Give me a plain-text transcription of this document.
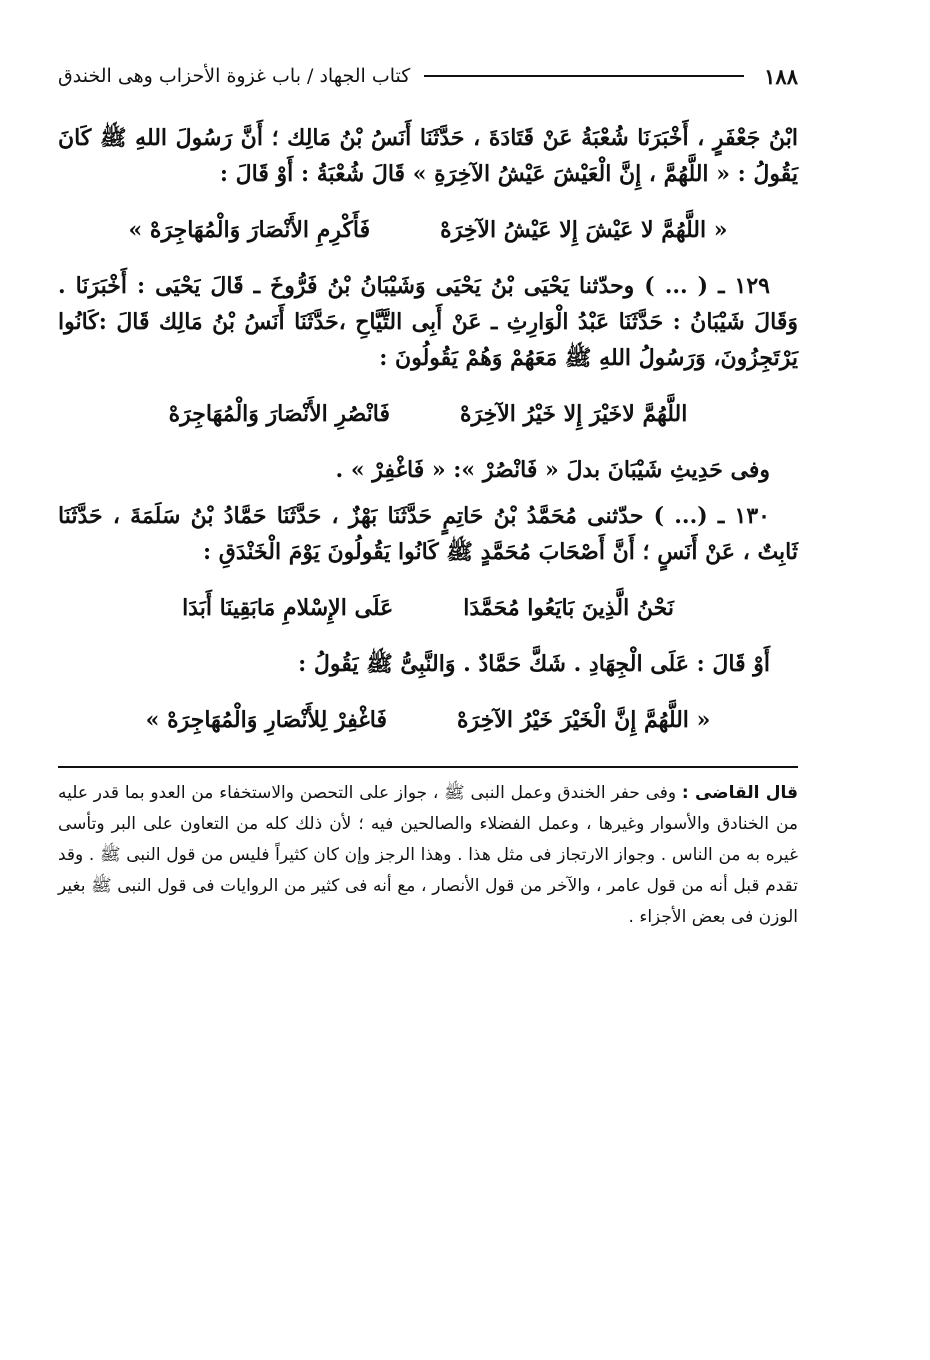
١٨٨
كتاب الجهاد / باب غزوة الأحزاب وهى الخندق

ابْنُ جَعْفَرٍ ، أَخْبَرَنَا شُعْبَةُ عَنْ قَتَادَةَ ، حَدَّثَنَا أَنَسُ بْنُ مَالِك ؛ أَنَّ رَسُولَ اللهِ ﷺ كَانَ يَقُولُ : « اللَّهُمَّ ، إِنَّ الْعَيْشَ عَيْشُ الآخِرَةِ » قَالَ شُعْبَةُ : أَوْ قَالَ :

« اللَّهُمَّ لا عَيْشَ إِلا عَيْشُ الآخِرَهْ
فَأَكْرِمِ الأَنْصَارَ وَالْمُهَاجِرَهْ »

١٢٩ ـ ( ... ) وحدّثنا يَحْيَى بْنُ يَحْيَى وَشَيْبَانُ بْنُ فَرُّوخَ ـ قَالَ يَحْيَى : أَخْبَرَنَا . وَقَالَ شَيْبَانُ : حَدَّثَنَا عَبْدُ الْوَارِثِ ـ عَنْ أَبِى التَّيَّاحِ ،حَدَّثَنَا أَنَسُ بْنُ مَالِك قَالَ :كَانُوا يَرْتَجِزُونَ، وَرَسُولُ اللهِ ﷺ مَعَهُمْ وَهُمْ يَقُولُونَ :

اللَّهُمَّ لاخَيْرَ إِلا خَيْرُ الآخِرَهْ
فَانْصُرِ الأَنْصَارَ وَالْمُهَاجِرَهْ

وفى حَدِيثِ شَيْبَانَ بدلَ « فَانْصُرْ »: « فَاغْفِرْ » .

١٣٠ ـ (... ) حدّثنى مُحَمَّدُ بْنُ حَاتِمٍ حَدَّثَنَا بَهْزٌ ، حَدَّثَنَا حَمَّادُ بْنُ سَلَمَةَ ، حَدَّثَنَا ثَابِتٌ ، عَنْ أَنَسٍ ؛ أَنَّ أَصْحَابَ مُحَمَّدٍ ﷺ كَانُوا يَقُولُونَ يَوْمَ الْخَنْدَقِ :

نَحْنُ الَّذِينَ بَايَعُوا مُحَمَّدَا
عَلَى الإِسْلامِ مَابَقِينَا أَبَدَا

أَوْ قَالَ : عَلَى الْجِهَادِ . شَكَّ حَمَّادٌ . وَالنَّبِىُّ ﷺ يَقُولُ :

« اللَّهُمَّ إِنَّ الْخَيْرَ خَيْرُ الآخِرَهْ
فَاغْفِرْ لِلأَنْصَارِ وَالْمُهَاجِرَهْ »
قال القاضى : وفى حفر الخندق وعمل النبى ﷺ ، جواز على التحصن والاستخفاء من العدو بما قدر عليه من الخنادق والأسوار وغيرها ، وعمل الفضلاء والصالحين فيه ؛ لأن ذلك كله من التعاون على البر وتأسى غيره به من الناس . وجواز الارتجاز فى مثل هذا . وهذا الرجز وإن كان كثيراً فليس من قول النبى ﷺ . وقد تقدم قبل أنه من قول عامر ، والآخر من قول الأنصار ، مع أنه فى كثير من الروايات فى قول النبى ﷺ بغير الوزن فى بعض الأجزاء .
